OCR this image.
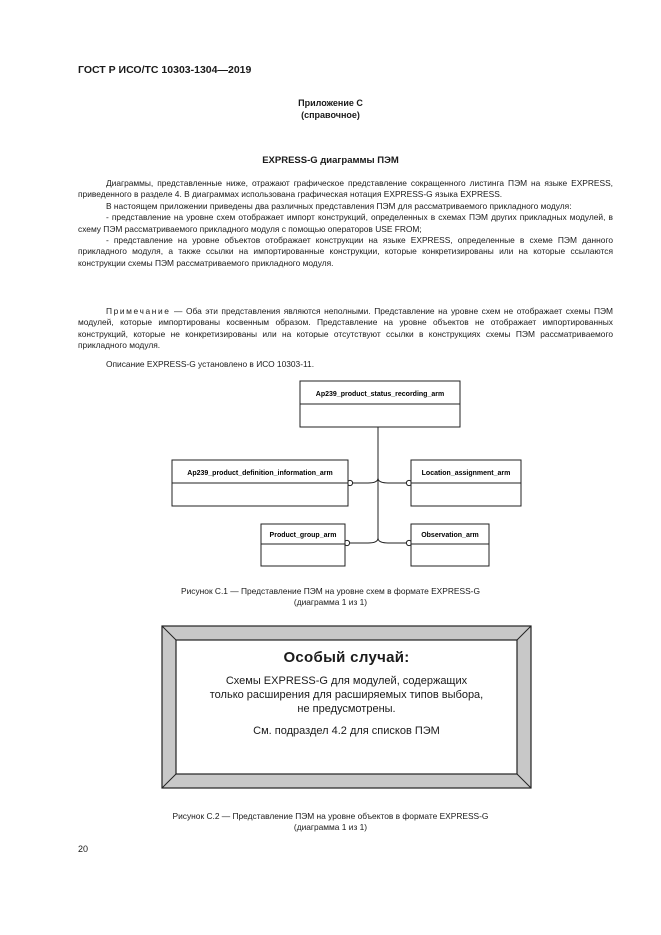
ГОСТ Р ИСО/ТС 10303-1304—2019
Приложение С
(справочное)
EXPRESS-G диаграммы ПЭМ

Диаграммы, представленные ниже, отражают графическое представление сокращенного листинга ПЭМ на языке EXPRESS, приведенного в разделе 4. В диаграммах использована графическая нотация EXPRESS-G языка EXPRESS.

В настоящем приложении приведены два различных представления ПЭМ для рассматриваемого прикладного модуля:

- представление на уровне схем отображает импорт конструкций, определенных в схемах ПЭМ других прикладных модулей, в схему ПЭМ рассматриваемого прикладного модуля с помощью операторов USE FROM;

- представление на уровне объектов отображает конструкции на языке EXPRESS, определенные в схеме ПЭМ данного прикладного модуля, а также ссылки на импортированные конструкции, которые конкретизированы или на которые ссылаются конструкции схемы ПЭМ рассматриваемого прикладного модуля.

Примечание — Оба эти представления являются неполными. Представление на уровне схем не отображает схемы ПЭМ модулей, которые импортированы косвенным образом. Представление на уровне объектов не отображает импортированных конструкций, которые не конкретизированы или на которые отсутствуют ссылки в конструкциях схемы ПЭМ рассматриваемого прикладного модуля.

Описание EXPRESS-G установлено в ИСО 10303-11.

Ap239_product_status_recording_arm
Ap239_product_definition_information_arm	Location_assignment_arm
Product_group_arm	Observation_arm
Рисунок С.1 — Представление ПЭМ на уровне схем в формате EXPRESS-G
(диаграмма 1 из 1)
Особый случай:
Схемы EXPRESS-G для модулей, содержащих
только расширения для расширяемых типов выбора,
не предусмотрены.
См. подраздел 4.2 для списков ПЭМ
Рисунок С.2 — Представление ПЭМ на уровне объектов в формате EXPRESS-G
(диаграмма 1 из 1)
20
